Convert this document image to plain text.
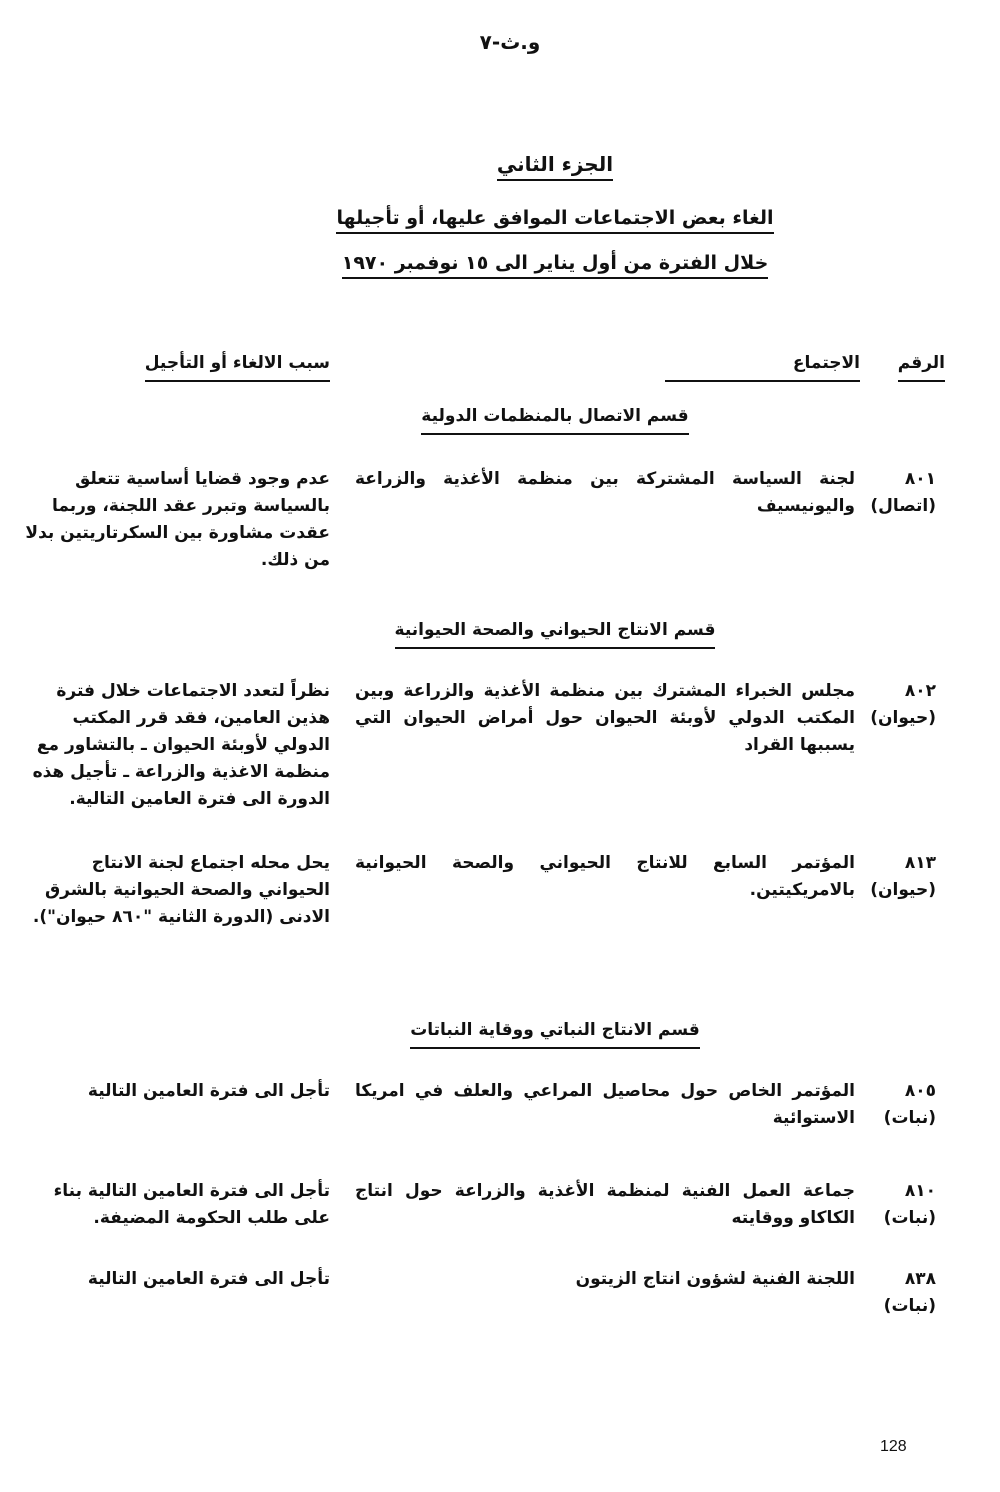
و.ث-٧
الجزء الثاني
الغاء بعض الاجتماعات الموافق عليها، أو تأجيلها
خلال الفترة من أول يناير الى ١٥ نوفمبر ١٩٧٠
الرقم
الاجتماع
سبب الالغاء أو التأجيل
قسم الاتصال بالمنظمات الدولية
٨٠١
(اتصال)
لجنة السياسة المشتركة بين منظمة الأغذية والزراعة واليونيسيف
عدم وجود قضايا أساسية تتعلق بالسياسة وتبرر عقد اللجنة، وربما عقدت مشاورة بين السكرتاريتين بدلا من ذلك.
قسم الانتاج الحيواني والصحة الحيوانية
٨٠٢
(حيوان)
مجلس الخبراء المشترك بين منظمة الأغذية والزراعة وبين المكتب الدولي لأوبئة الحيوان حول أمراض الحيوان التي يسببها القراد
نظراً لتعدد الاجتماعات خلال فترة هذين العامين، فقد قرر المكتب الدولي لأوبئة الحيوان ـ بالتشاور مع منظمة الاغذية والزراعة ـ تأجيل هذه الدورة الى فترة العامين التالية.
٨١٣
(حيوان)
المؤتمر السابع للانتاج الحيواني والصحة الحيوانية بالامريكيتين.
يحل محله اجتماع لجنة الانتاج الحيواني والصحة الحيوانية بالشرق الادنى (الدورة الثانية "٨٦٠ حيوان").
قسم الانتاج النباتي ووقاية النباتات
٨٠٥
(نبات)
المؤتمر الخاص حول محاصيل المراعي والعلف في امريكا الاستوائية
تأجل الى فترة العامين التالية
٨١٠
(نبات)
جماعة العمل الفنية لمنظمة الأغذية والزراعة حول انتاج الكاكاو ووقايته
تأجل الى فترة العامين التالية بناء على طلب الحكومة المضيفة.
٨٣٨
(نبات)
اللجنة الفنية لشؤون انتاج الزيتون
تأجل الى فترة العامين التالية
128
